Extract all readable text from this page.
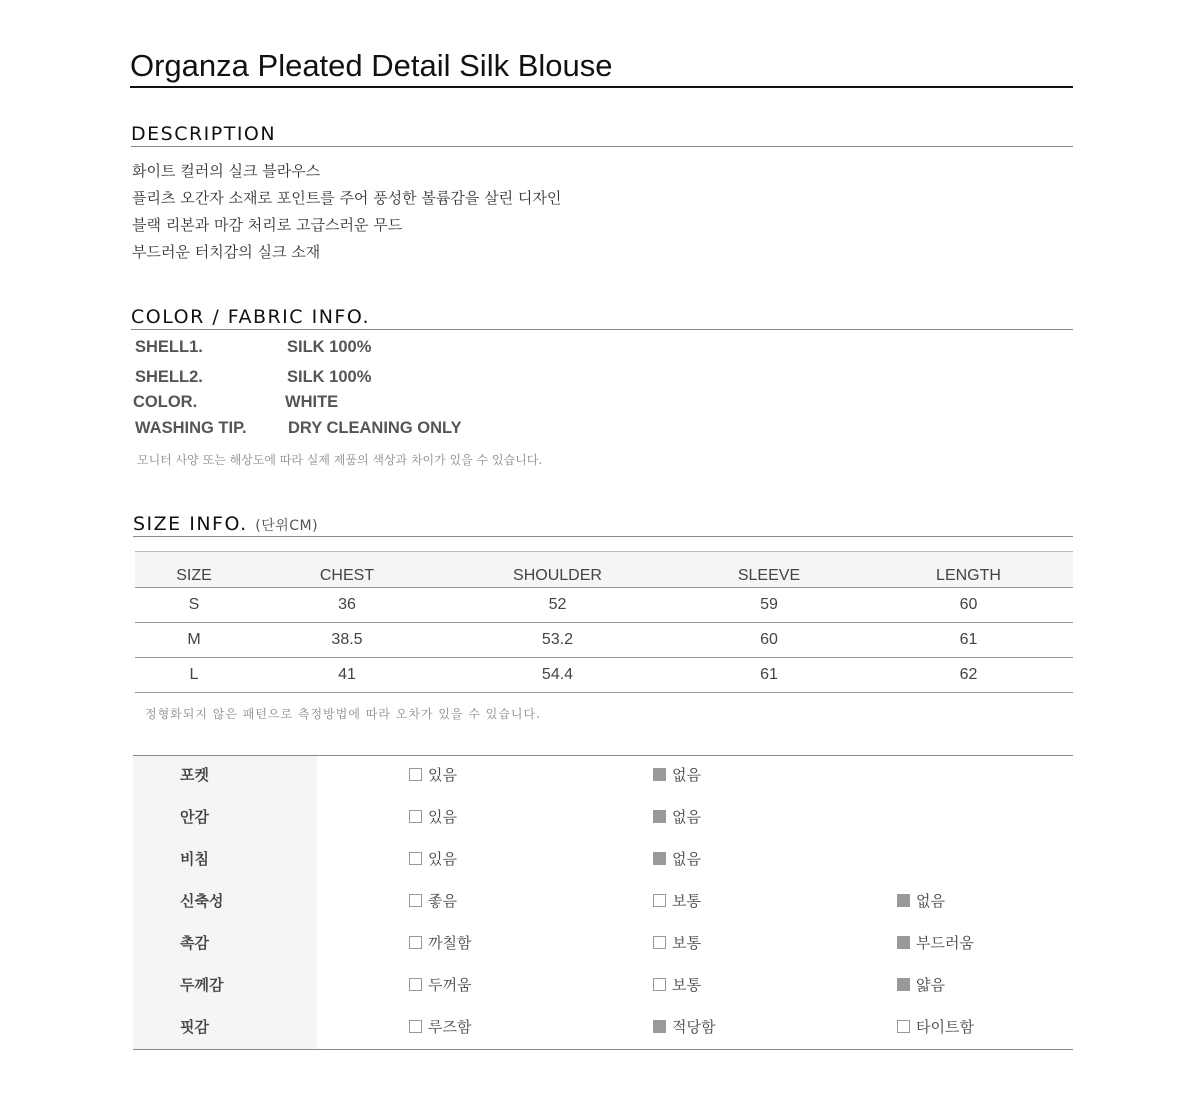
Organza Pleated Detail Silk Blouse
DESCRIPTION
화이트 컬러의 실크 블라우스
플리츠 오간자 소재로 포인트를 주어 풍성한 볼륨감을 살린 디자인
블랙 리본과 마감 처리로 고급스러운 무드
부드러운 터치감의 실크 소재
COLOR / FABRIC INFO.
SHELL1.	SILK 100%
SHELL2.	SILK 100%
COLOR.	WHITE
WASHING TIP.	DRY CLEANING ONLY
모니터 사양 또는 해상도에 따라 실제 제품의 색상과 차이가 있을 수 있습니다.
SIZE INFO. (단위CM)
SIZE	CHEST	SHOULDER	SLEEVE	LENGTH
S	36	52	59	60
M	38.5	53.2	60	61
L	41	54.4	61	62
정형화되지 않은 패턴으로 측정방법에 따라 오차가 있을 수 있습니다.
포켓	있음	없음
안감	있음	없음
비침	있음	없음
신축성	좋음	보통	없음
촉감	까칠함	보통	부드러움
두께감	두꺼움	보통	얇음
핏감	루즈함	적당함	타이트함
